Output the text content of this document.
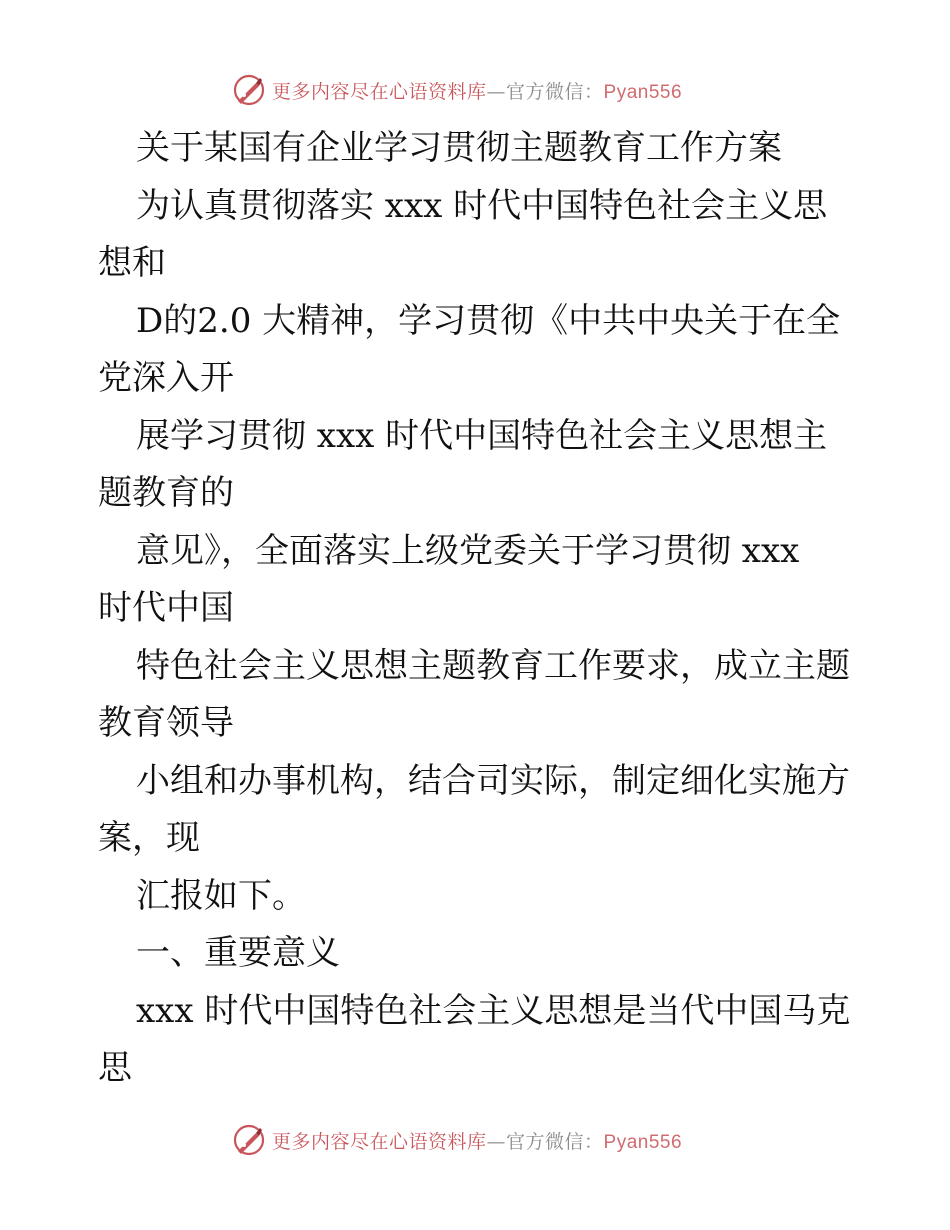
更多内容尽在心语资料库—官方微信：Pyan556
关于某国有企业学习贯彻主题教育工作方案
为认真贯彻落实 xxx 时代中国特色社会主义思
想和
D的2.0 大精神，学习贯彻《中共中央关于在全
党深入开
展学习贯彻 xxx 时代中国特色社会主义思想主
题教育的
意见》，全面落实上级党委关于学习贯彻 xxx
时代中国
特色社会主义思想主题教育工作要求，成立主题
教育领导
小组和办事机构，结合司实际，制定细化实施方
案，现
汇报如下。
一、重要意义
xxx 时代中国特色社会主义思想是当代中国马克
思
更多内容尽在心语资料库—官方微信：Pyan556
